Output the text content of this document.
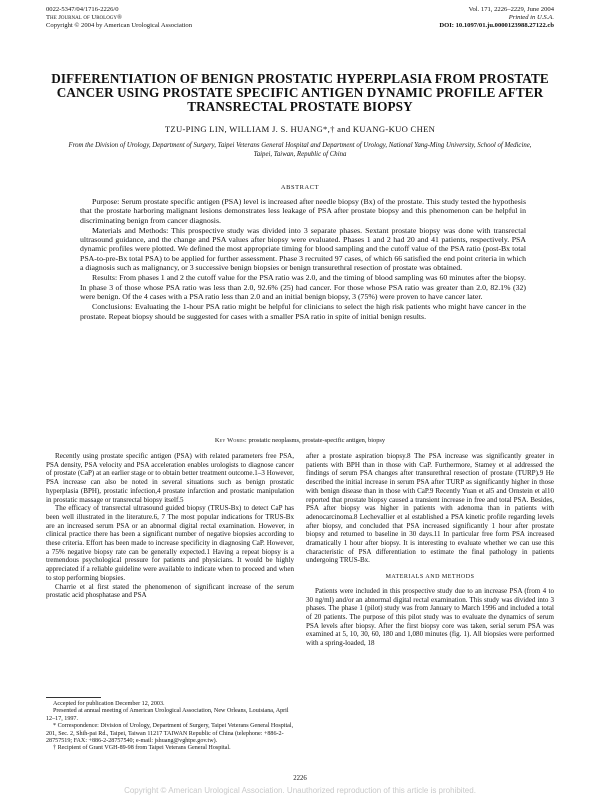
0022-5347/04/1716-2226/0
The Journal of Urology®
Copyright © 2004 by American Urological Association
Vol. 171, 2226–2229, June 2004
Printed in U.S.A.
DOI: 10.1097/01.ju.0000123988.27122.cb
DIFFERENTIATION OF BENIGN PROSTATIC HYPERPLASIA FROM PROSTATE CANCER USING PROSTATE SPECIFIC ANTIGEN DYNAMIC PROFILE AFTER TRANSRECTAL PROSTATE BIOPSY
TZU-PING LIN, WILLIAM J. S. HUANG*,† and KUANG-KUO CHEN
From the Division of Urology, Department of Surgery, Taipei Veterans General Hospital and Department of Urology, National Yang-Ming University, School of Medicine, Taipei, Taiwan, Republic of China
ABSTRACT

Purpose: Serum prostate specific antigen (PSA) level is increased after needle biopsy (Bx) of the prostate. This study tested the hypothesis that the prostate harboring malignant lesions demonstrates less leakage of PSA after prostate biopsy and this phenomenon can be helpful in discriminating benign from cancer diagnosis.

Materials and Methods: This prospective study was divided into 3 separate phases. Sextant prostate biopsy was done with transrectal ultrasound guidance, and the change and PSA values after biopsy were evaluated. Phases 1 and 2 had 20 and 41 patients, respectively. PSA dynamic profiles were plotted. We defined the most appropriate timing for blood sampling and the cutoff value of the PSA ratio (post-Bx total PSA-to-pre-Bx total PSA) to be applied for further assessment. Phase 3 recruited 97 cases, of which 66 satisfied the end point criteria in which a diagnosis such as malignancy, or 3 successive benign biopsies or benign transurethral resection of prostate was obtained.

Results: From phases 1 and 2 the cutoff value for the PSA ratio was 2.0, and the timing of blood sampling was 60 minutes after the biopsy. In phase 3 of those whose PSA ratio was less than 2.0, 92.6% (25) had cancer. For those whose PSA ratio was greater than 2.0, 82.1% (32) were benign. Of the 4 cases with a PSA ratio less than 2.0 and an initial benign biopsy, 3 (75%) were proven to have cancer later.

Conclusions: Evaluating the 1-hour PSA ratio might be helpful for clinicians to select the high risk patients who might have cancer in the prostate. Repeat biopsy should be suggested for cases with a smaller PSA ratio in spite of initial benign results.

Key Words: prostatic neoplasms, prostate-specific antigen, biopsy

Recently using prostate specific antigen (PSA) with related parameters free PSA, PSA density, PSA velocity and PSA acceleration enables urologists to diagnose cancer of prostate (CaP) at an earlier stage or to obtain better treatment outcome.1–3 However, PSA increase can also be noted in several situations such as benign prostatic hyperplasia (BPH), prostatic infection,4 prostate infarction and prostatic manipulation in prostatic massage or transrectal biopsy itself.5

The efficacy of transrectal ultrasound guided biopsy (TRUS-Bx) to detect CaP has been well illustrated in the literature.6, 7 The most popular indications for TRUS-Bx are an increased serum PSA or an abnormal digital rectal examination. However, in clinical practice there has been a significant number of negative biopsies according to these criteria. Effort has been made to increase specificity in diagnosing CaP. However, a 75% negative biopsy rate can be generally expected.1 Having a repeat biopsy is a tremendous psychological pressure for patients and physicians. It would be highly appreciated if a reliable guideline were available to indicate when to proceed and when to stop performing biopsies.

Charrie et al first stated the phenomenon of significant increase of the serum prostatic acid phosphatase and PSA

after a prostate aspiration biopsy.8 The PSA increase was significantly greater in patients with BPH than in those with CaP. Furthermore, Stamey et al addressed the findings of serum PSA changes after transurethral resection of prostate (TURP).9 He described the initial increase in serum PSA after TURP as significantly higher in those with benign disease than in those with CaP.9 Recently Yuan et al5 and Ornstein et al10 reported that prostate biopsy caused a transient increase in free and total PSA. Besides, PSA after biopsy was higher in patients with adenoma than in patients with adenocarcinoma.8 Lechevallier et al established a PSA kinetic profile regarding levels after biopsy, and concluded that PSA increased significantly 1 hour after prostate biopsy and returned to baseline in 30 days.11 In particular free form PSA increased dramatically 1 hour after biopsy. It is interesting to evaluate whether we can use this characteristic of PSA differentiation to estimate the final pathology in patients undergoing TRUS-Bx.

MATERIALS AND METHODS

Patients were included in this prospective study due to an increase PSA (from 4 to 30 ng/ml) and/or an abnormal digital rectal examination. This study was divided into 3 phases. The phase 1 (pilot) study was from January to March 1996 and included a total of 20 patients. The purpose of this pilot study was to evaluate the dynamics of serum PSA levels after biopsy. After the first biopsy core was taken, serial serum PSA was examined at 5, 10, 30, 60, 180 and 1,080 minutes (fig. 1). All biopsies were performed with a spring-loaded, 18

Accepted for publication December 12, 2003.

Presented at annual meeting of American Urological Association, New Orleans, Louisiana, April 12–17, 1997.

* Correspondence: Division of Urology, Department of Surgery, Taipei Veterans General Hospital, 201, Sec. 2, Shih-pai Rd., Taipei, Taiwan 11217 TAIWAN Republic of China (telephone: +886-2-28757519; FAX: +886-2-28757540; e-mail: jshuang@vghtpe.gov.tw).

† Recipient of Grant VGH-89-98 from Taipei Veterans General Hospital.

2226
Copyright © American Urological Association. Unauthorized reproduction of this article is prohibited.
